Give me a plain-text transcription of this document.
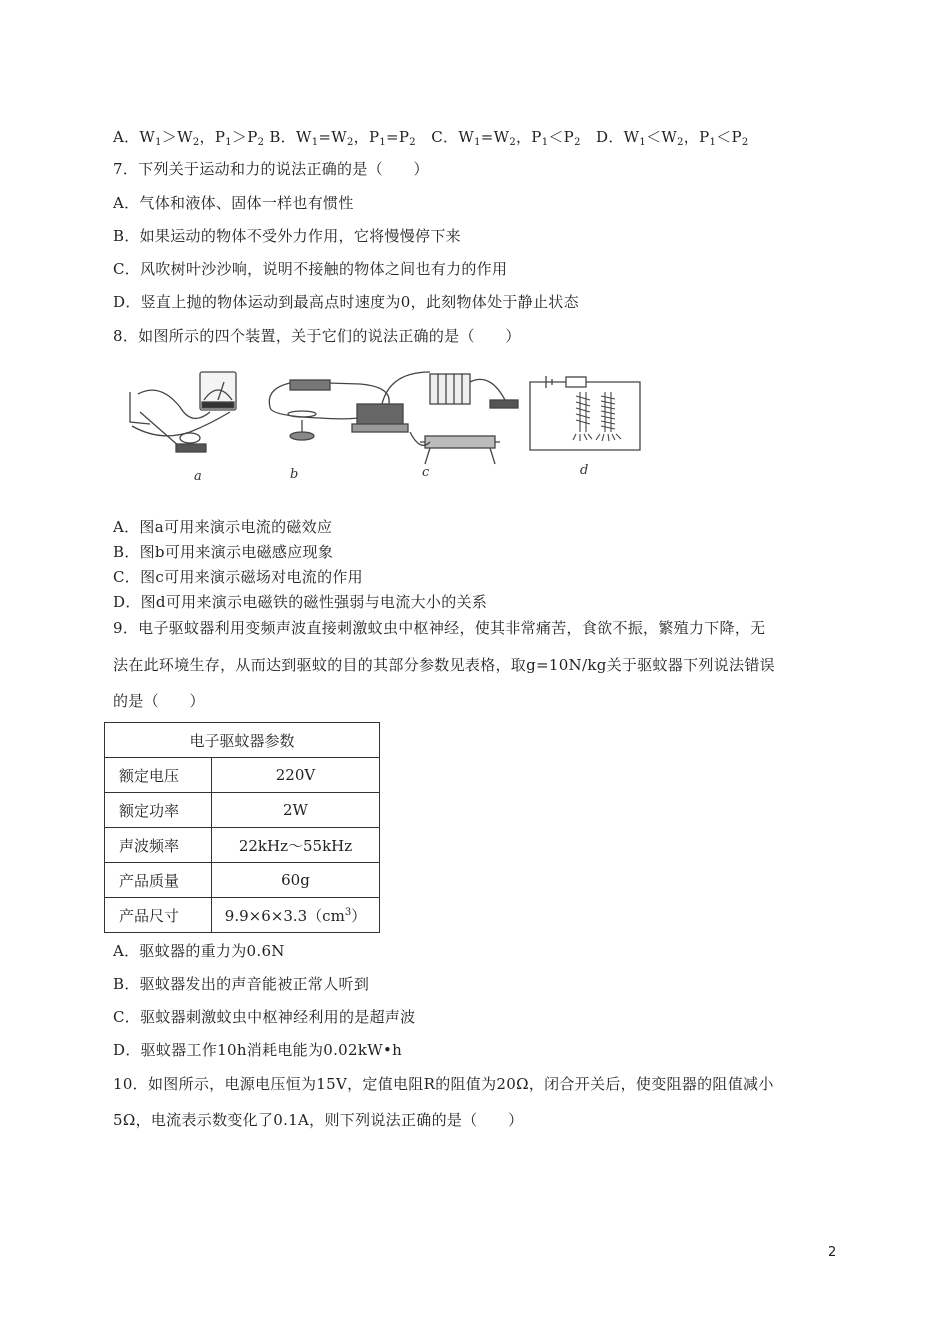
A．$W_1>W_2$，$P_1>P_2$ B．$W_1=W_2$，$P_1=P_2$　C．$W_1=W_2$，$P_1<P_2$　D．$W_1<W_2$，$P_1<P_2$
7．下列关于运动和力的说法正确的是（　　）
A．气体和液体、固体一样也有惯性
B．如果运动的物体不受外力作用，它将慢慢停下来
C．风吹树叶沙沙响，说明不接触的物体之间也有力的作用
D．竖直上抛的物体运动到最高点时速度为0，此刻物体处于静止状态
8．如图所示的四个装置，关于它们的说法正确的是（　　）
a	b	c	d
A．图a可用来演示电流的磁效应
B．图b可用来演示电磁感应现象
C．图c可用来演示磁场对电流的作用
D．图d可用来演示电磁铁的磁性强弱与电流大小的关系
9．电子驱蚊器利用变频声波直接刺激蚊虫中枢神经，使其非常痛苦，食欲不振，繁殖力下降，无
法在此环境生存，从而达到驱蚊的目的其部分参数见表格，取g=10N/kg关于驱蚊器下列说法错误
的是（　　）
电子驱蚊器参数	
额定电压	220V
额定功率	2W
声波频率	22kHz～55kHz
产品质量	60g
产品尺寸	$9.9\times 6\times 3.3(cm^3)$
A．驱蚊器的重力为0.6N
B．驱蚊器发出的声音能被正常人听到
C．驱蚊器刺激蚊虫中枢神经利用的是超声波
D．驱蚊器工作10h消耗电能为0.02kW•h
10．如图所示，电源电压恒为15V，定值电阻R的阻值为20Ω，闭合开关后，使变阻器的阻值减小
5Ω，电流表示数变化了0.1A，则下列说法正确的是（　　）
2
